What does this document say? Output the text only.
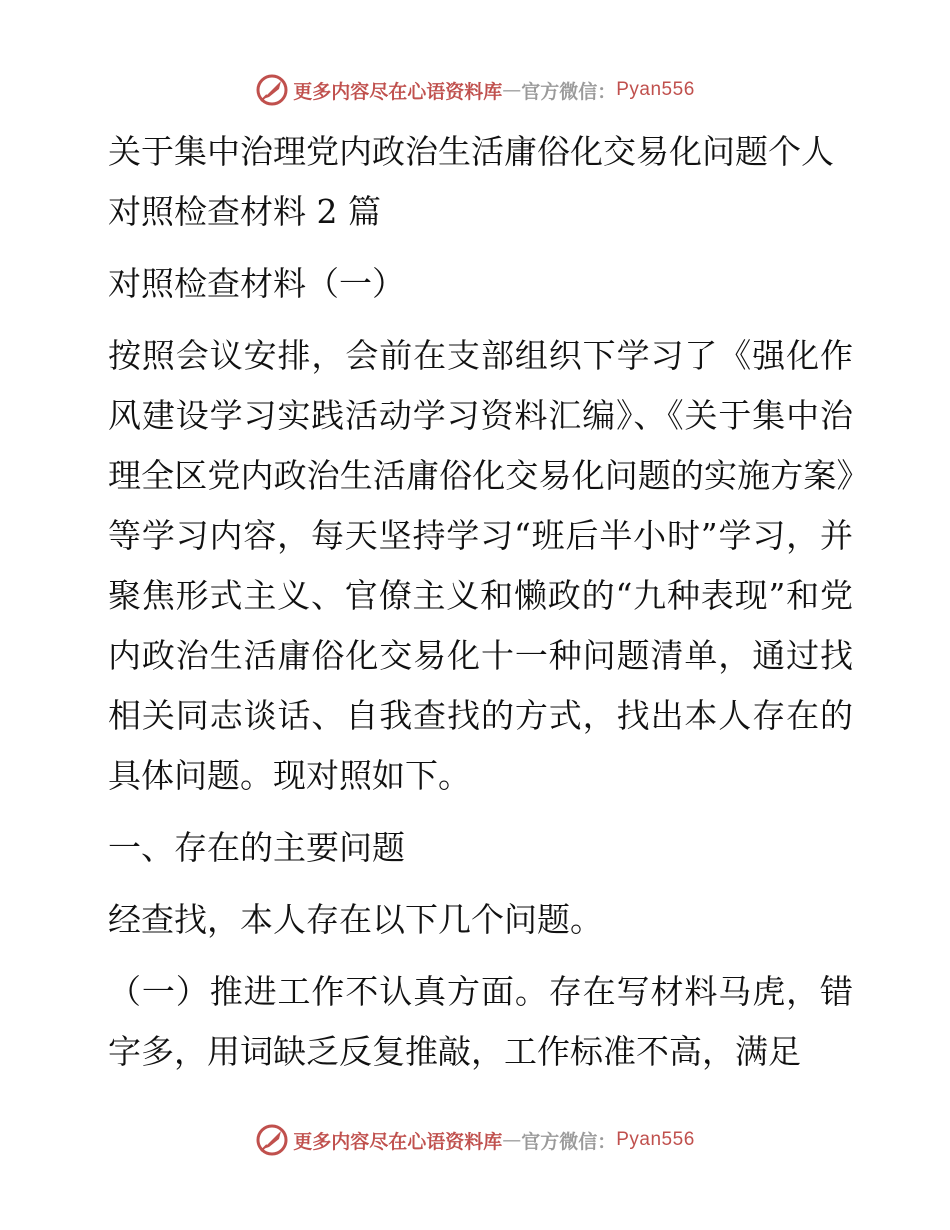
更多内容尽在心语资料库 — 官方微信： Pyan556

关于集中治理党内政治生活庸俗化交易化问题个人对照检查材料 2 篇

对照检查材料（一）

按照会议安排，会前在支部组织下学习了《强化作风建设学习实践活动学习资料汇编》、《关于集中治理全区党内政治生活庸俗化交易化问题的实施方案》等学习内容，每天坚持学习“班后半小时”学习，并聚焦形式主义、官僚主义和懒政的“九种表现”和党内政治生活庸俗化交易化十一种问题清单，通过找相关同志谈话、自我查找的方式，找出本人存在的具体问题。现对照如下。

一、存在的主要问题

经查找，本人存在以下几个问题。

（一）推进工作不认真方面。存在写材料马虎，错字多，用词缺乏反复推敲，工作标准不高，满足

更多内容尽在心语资料库 — 官方微信： Pyan556
